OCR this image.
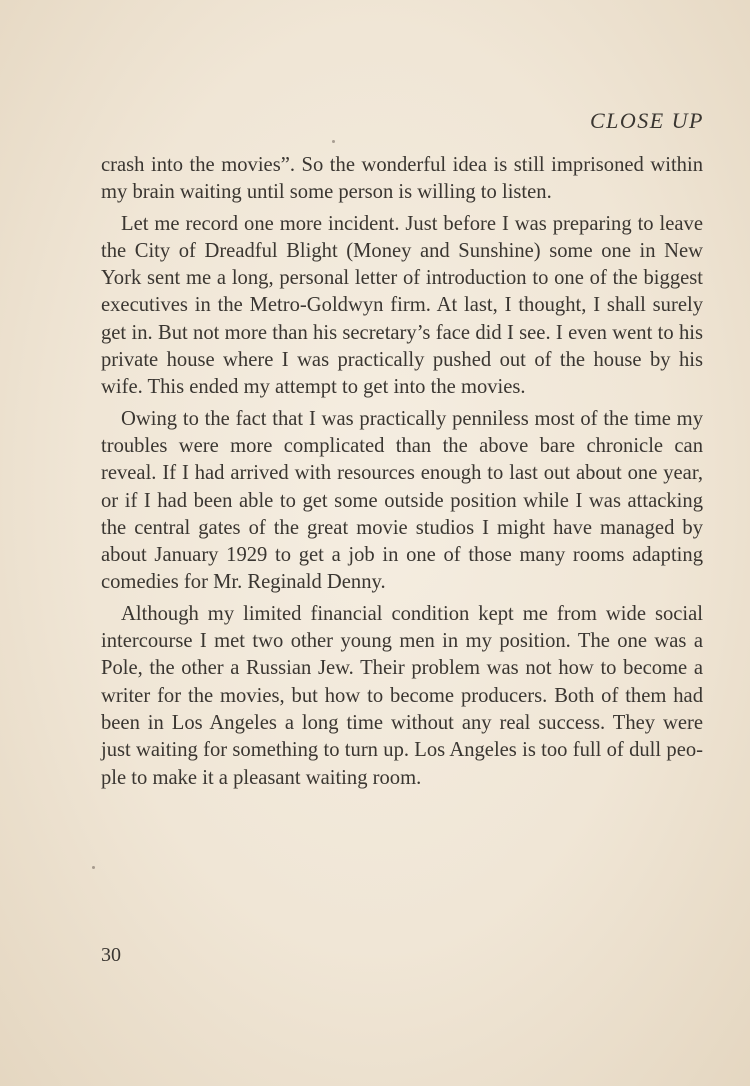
CLOSE UP

crash into the movies”. So the wonderful idea is still imprisoned within my brain waiting until some person is willing to listen.

Let me record one more incident. Just before I was preparing to leave the City of Dreadful Blight (Money and Sunshine) some one in New York sent me a long, personal letter of introduction to one of the biggest executives in the Metro-Goldwyn firm. At last, I thought, I shall surely get in. But not more than his secretary’s face did I see. I even went to his private house where I was practically pushed out of the house by his wife. This ended my attempt to get into the movies.

Owing to the fact that I was practically penniless most of the time my troubles were more complicated than the above bare chronicle can reveal. If I had arrived with resources enough to last out about one year, or if I had been able to get some outside position while I was attacking the central gates of the great movie studios I might have managed by about January 1929 to get a job in one of those many rooms adapting comedies for Mr. Reginald Denny.

Although my limited financial condition kept me from wide social intercourse I met two other young men in my position. The one was a Pole, the other a Russian Jew. Their problem was not how to become a writer for the movies, but how to become producers. Both of them had been in Los Angeles a long time without any real success. They were just waiting for something to turn up. Los Angeles is too full of dull people to make it a pleasant waiting room.

30
